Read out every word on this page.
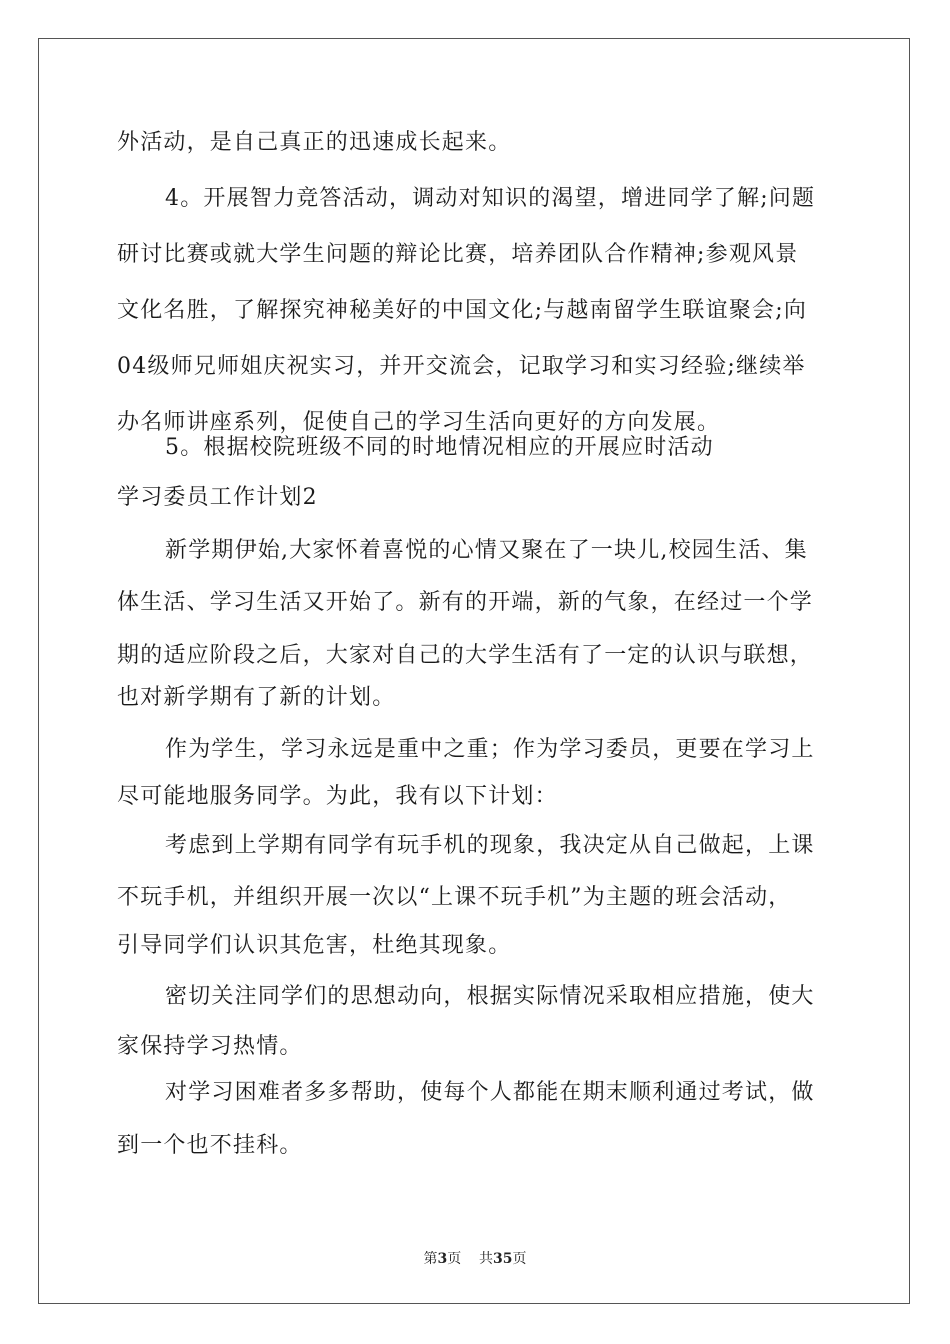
外活动，是自己真正的迅速成长起来。
4。开展智力竞答活动，调动对知识的渴望，增进同学了解;问题
研讨比赛或就大学生问题的辩论比赛，培养团队合作精神;参观风景
文化名胜，了解探究神秘美好的中国文化;与越南留学生联谊聚会;向
04级师兄师姐庆祝实习，并开交流会，记取学习和实习经验;继续举
办名师讲座系列，促使自己的学习生活向更好的方向发展。
5。根据校院班级不同的时地情况相应的开展应时活动
学习委员工作计划2
新学期伊始,大家怀着喜悦的心情又聚在了一块儿,校园生活、集
体生活、学习生活又开始了。新有的开端，新的气象，在经过一个学
期的适应阶段之后，大家对自己的大学生活有了一定的认识与联想，
也对新学期有了新的计划。
作为学生，学习永远是重中之重；作为学习委员，更要在学习上
尽可能地服务同学。为此，我有以下计划：
考虑到上学期有同学有玩手机的现象，我决定从自己做起，上课
不玩手机，并组织开展一次以“上课不玩手机”为主题的班会活动，
引导同学们认识其危害，杜绝其现象。
密切关注同学们的思想动向，根据实际情况采取相应措施，使大
家保持学习热情。
对学习困难者多多帮助，使每个人都能在期末顺利通过考试，做
到一个也不挂科。
第3页 共35页
